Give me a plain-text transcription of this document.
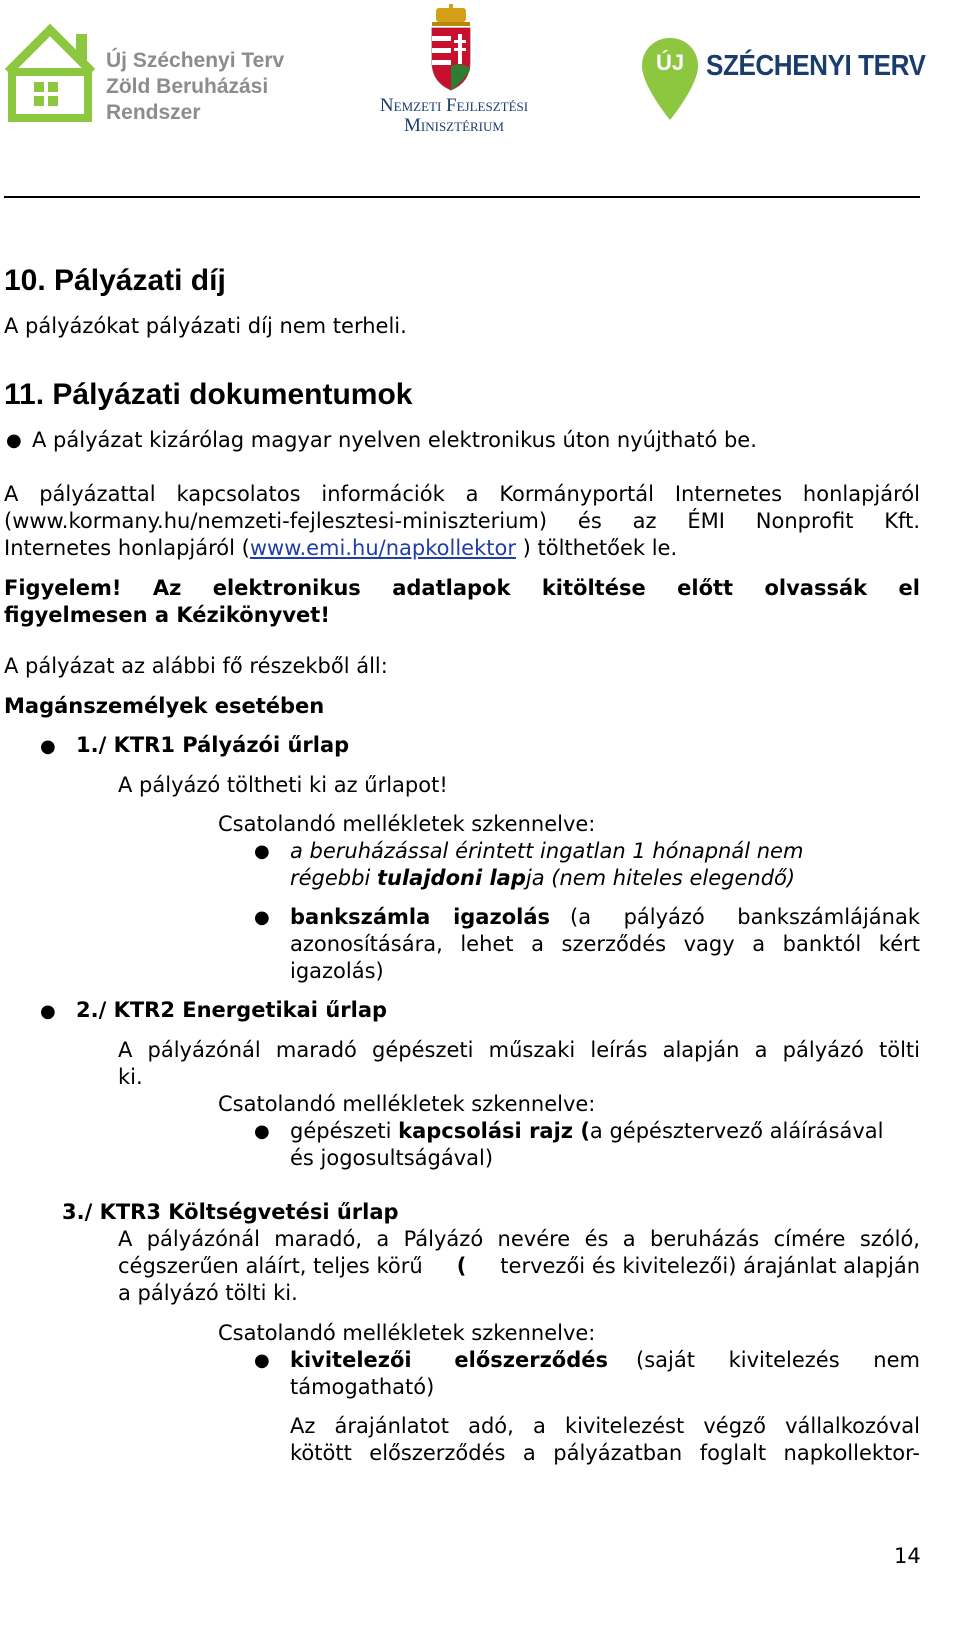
Új Széchenyi Terv
Zöld Beruházási
Rendszer	Nemzeti Fejlesztési
Minisztérium
ÚJ SZÉCHENYI TERV
10. Pályázati díj
A pályázókat pályázati díj nem terheli.
11. Pályázati dokumentumok
● A pályázat kizárólag magyar nyelven elektronikus úton nyújtható be.
A pályázattal kapcsolatos információk a Kormányportál Internetes honlapjáról
(www.kormany.hu/nemzeti-fejlesztesi-miniszterium) és az ÉMI Nonprofit Kft.
Internetes honlapjáról (www.emi.hu/napkollektor ) tölthetőek le.
Figyelem! Az elektronikus adatlapok kitöltése előtt olvassák el
figyelmesen a Kézikönyvet!
A pályázat az alábbi fő részekből áll:
Magánszemélyek esetében
● 1./ KTR1 Pályázói űrlap
A pályázó töltheti ki az űrlapot!
Csatolandó mellékletek szkennelve:
● a beruházással érintett ingatlan 1 hónapnál nem
régebbi tulajdoni lapja (nem hiteles elegendő)
● bankszámla igazolás (a pályázó bankszámlájának
azonosítására, lehet a szerződés vagy a banktól kért
igazolás)
● 2./ KTR2 Energetikai űrlap
A pályázónál maradó gépészeti műszaki leírás alapján a pályázó tölti
ki.
Csatolandó mellékletek szkennelve:
● gépészeti kapcsolási rajz (a gépésztervező aláírásával
és jogosultságával)
3./ KTR3 Költségvetési űrlap
A pályázónál maradó, a Pályázó nevére és a beruházás címére szóló,
cégszerűen aláírt, teljes körű ( tervezői és kivitelezői) árajánlat alapján
a pályázó tölti ki.
Csatolandó mellékletek szkennelve:
● kivitelezői előszerződés (saját kivitelezés nem
támogatható)
Az árajánlatot adó, a kivitelezést végző vállalkozóval
kötött előszerződés a pályázatban foglalt napkollektor-
14
